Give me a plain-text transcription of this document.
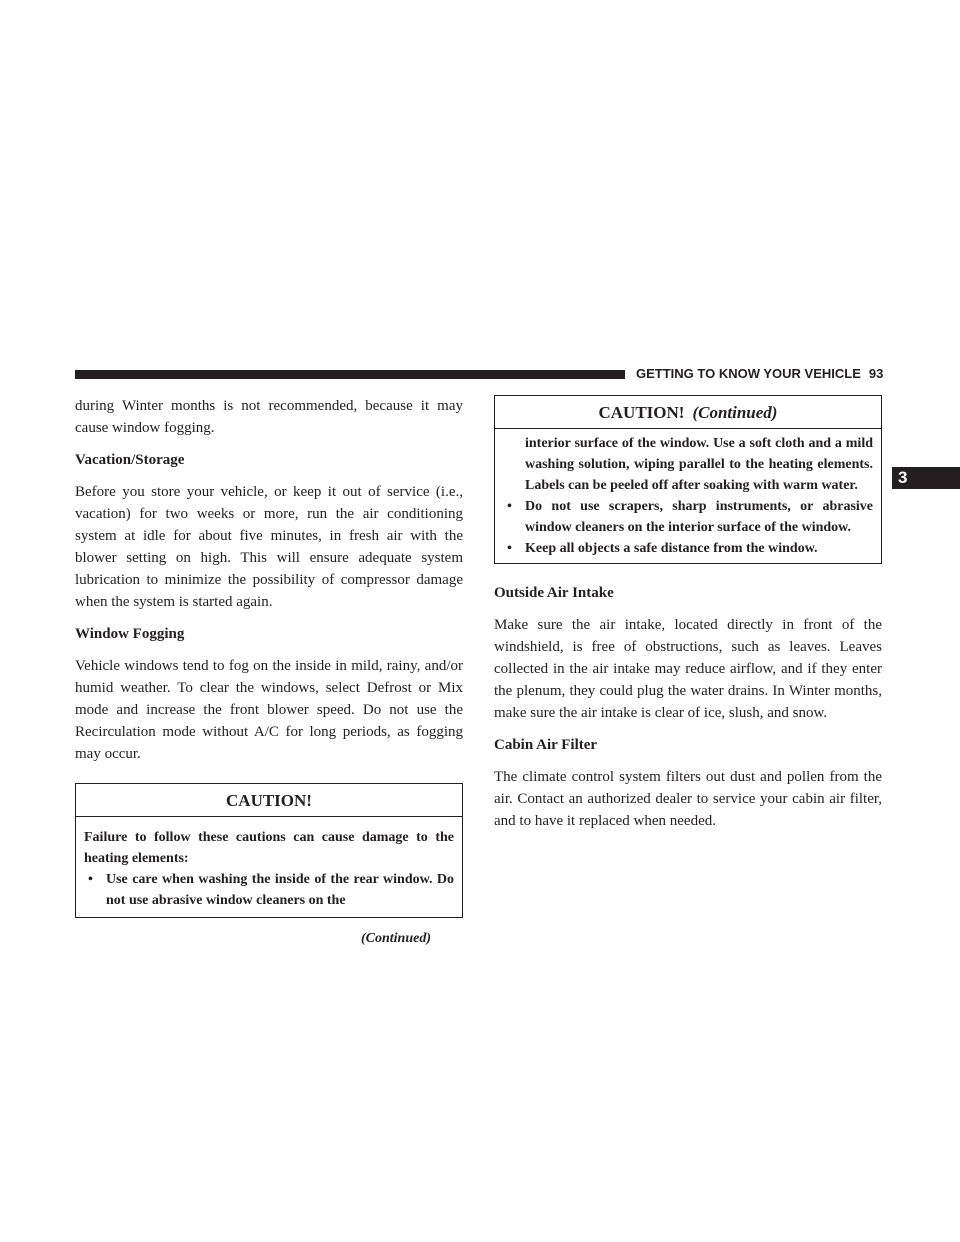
GETTING TO KNOW YOUR VEHICLE 93
3

during Winter months is not recommended, because it may cause window fogging.

Vacation/Storage

Before you store your vehicle, or keep it out of service (i.e., vacation) for two weeks or more, run the air conditioning system at idle for about five minutes, in fresh air with the blower setting on high. This will ensure adequate system lubrication to minimize the possibility of compressor damage when the system is started again.

Window Fogging

Vehicle windows tend to fog on the inside in mild, rainy, and/or humid weather. To clear the windows, select Defrost or Mix mode and increase the front blower speed. Do not use the Recirculation mode without A/C for long periods, as fogging may occur.

CAUTION!

Failure to follow these cautions can cause damage to the heating elements:

• Use care when washing the inside of the rear window. Do not use abrasive window cleaners on the
(Continued)
CAUTION! (Continued)

interior surface of the window. Use a soft cloth and a mild washing solution, wiping parallel to the heating elements. Labels can be peeled off after soaking with warm water.

• Do not use scrapers, sharp instruments, or abrasive window cleaners on the interior surface of the window.
• Keep all objects a safe distance from the window.
Outside Air Intake

Make sure the air intake, located directly in front of the windshield, is free of obstructions, such as leaves. Leaves collected in the air intake may reduce airflow, and if they enter the plenum, they could plug the water drains. In Winter months, make sure the air intake is clear of ice, slush, and snow.

Cabin Air Filter

The climate control system filters out dust and pollen from the air. Contact an authorized dealer to service your cabin air filter, and to have it replaced when needed.
